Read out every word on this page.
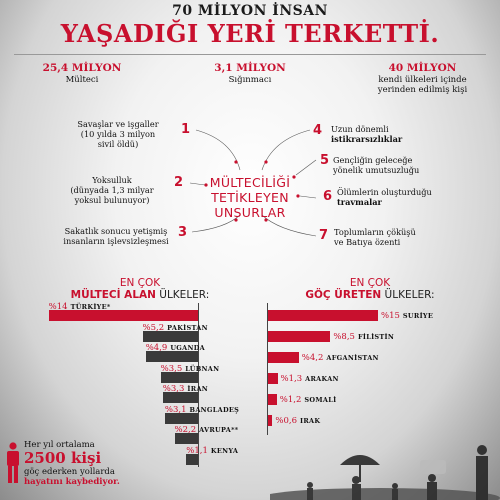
70 MİLYON İNSAN
YAŞADIĞI YERİ TERKETTİ.
25,4 MİLYON
Mülteci
3,1 MİLYON
Sığınmacı
40 MİLYON
kendi ülkeleri içinde
yerinden edilmiş kişi
MÜLTECİLİĞİ
TETİKLEYEN
UNSURLAR
Savaşlar ve işgaller
(10 yılda 3 milyon
sivil öldü)
1
Yoksulluk
(dünyada 1,3 milyar
yoksul bulunuyor)
2
Sakatlık sonucu yetişmiş
insanların işlevsizleşmesi
3
4 Uzun dönemli
istikrarsızlıklar
5 Gençliğin geleceğe
yönelik umutsuzluğu
6 Ölümlerin oluşturduğu
travmalar
7 Toplumların çöküşü
ve Batıya özenti
EN ÇOK
MÜLTECİ ALAN ÜLKELER:
EN ÇOK
GÖÇ ÜRETEN ÜLKELER:
%14 TÜRKİYE*
%5,2 PAKİSTAN
%4,9 UGANDA
%3,5 LÜBNAN
%3,3 İRAN
%3,1 BANGLADEŞ
%2,2 AVRUPA**
%1,1 KENYA
%15 SURİYE
%8,5 FİLİSTİN
%4,2 AFGANİSTAN
%1,3 ARAKAN
%1,2 SOMALİ
%0,6 IRAK
Her yıl ortalama
2500 kişi
göç ederken yollarda
hayatını kaybediyor.
